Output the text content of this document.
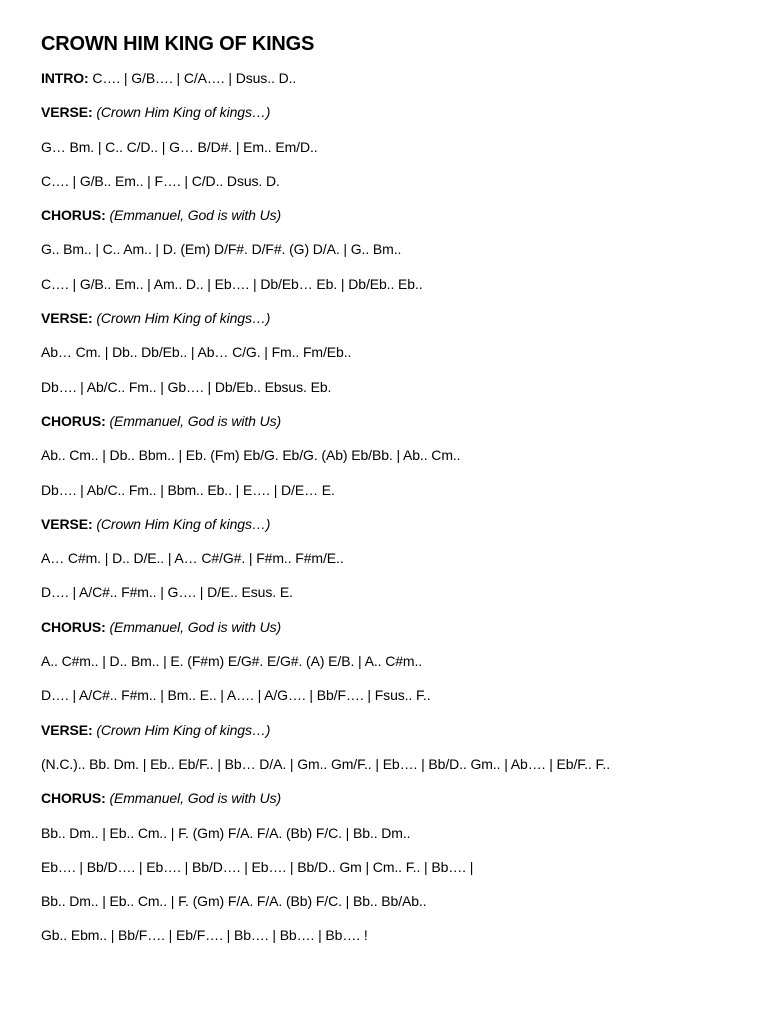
CROWN HIM KING OF KINGS
INTRO: C…. | G/B…. | C/A…. | Dsus.. D..
VERSE: (Crown Him King of kings…)
G… Bm. | C.. C/D.. | G… B/D#. | Em.. Em/D..
C…. | G/B.. Em.. | F…. | C/D.. Dsus. D.
CHORUS: (Emmanuel, God is with Us)
G.. Bm.. | C.. Am.. | D. (Em) D/F#. D/F#. (G) D/A. | G.. Bm..
C…. | G/B.. Em.. | Am.. D.. | Eb…. | Db/Eb… Eb. | Db/Eb.. Eb..
VERSE: (Crown Him King of kings…)
Ab… Cm. | Db.. Db/Eb.. | Ab… C/G. | Fm.. Fm/Eb..
Db…. | Ab/C.. Fm.. | Gb…. | Db/Eb.. Ebsus. Eb.
CHORUS: (Emmanuel, God is with Us)
Ab.. Cm.. | Db.. Bbm.. | Eb. (Fm) Eb/G. Eb/G. (Ab) Eb/Bb. | Ab.. Cm..
Db…. | Ab/C.. Fm.. | Bbm.. Eb.. | E…. | D/E… E.
VERSE: (Crown Him King of kings…)
A… C#m. | D.. D/E.. | A… C#/G#. | F#m.. F#m/E..
D…. | A/C#.. F#m.. | G…. | D/E.. Esus. E.
CHORUS: (Emmanuel, God is with Us)
A.. C#m.. | D.. Bm.. | E. (F#m) E/G#. E/G#. (A) E/B. | A.. C#m..
D…. | A/C#.. F#m.. | Bm.. E.. | A…. | A/G…. | Bb/F…. | Fsus.. F..
VERSE: (Crown Him King of kings…)
(N.C.).. Bb. Dm. | Eb.. Eb/F.. | Bb… D/A. | Gm.. Gm/F.. | Eb…. | Bb/D.. Gm.. | Ab…. | Eb/F.. F..
CHORUS: (Emmanuel, God is with Us)
Bb.. Dm.. | Eb.. Cm.. | F. (Gm) F/A. F/A. (Bb) F/C. | Bb.. Dm..
Eb…. | Bb/D…. | Eb…. | Bb/D…. | Eb…. | Bb/D.. Gm | Cm.. F.. | Bb…. |
Bb.. Dm.. | Eb.. Cm.. | F. (Gm) F/A. F/A. (Bb) F/C. | Bb.. Bb/Ab..
Gb.. Ebm.. | Bb/F…. | Eb/F…. | Bb…. | Bb…. | Bb…. !
